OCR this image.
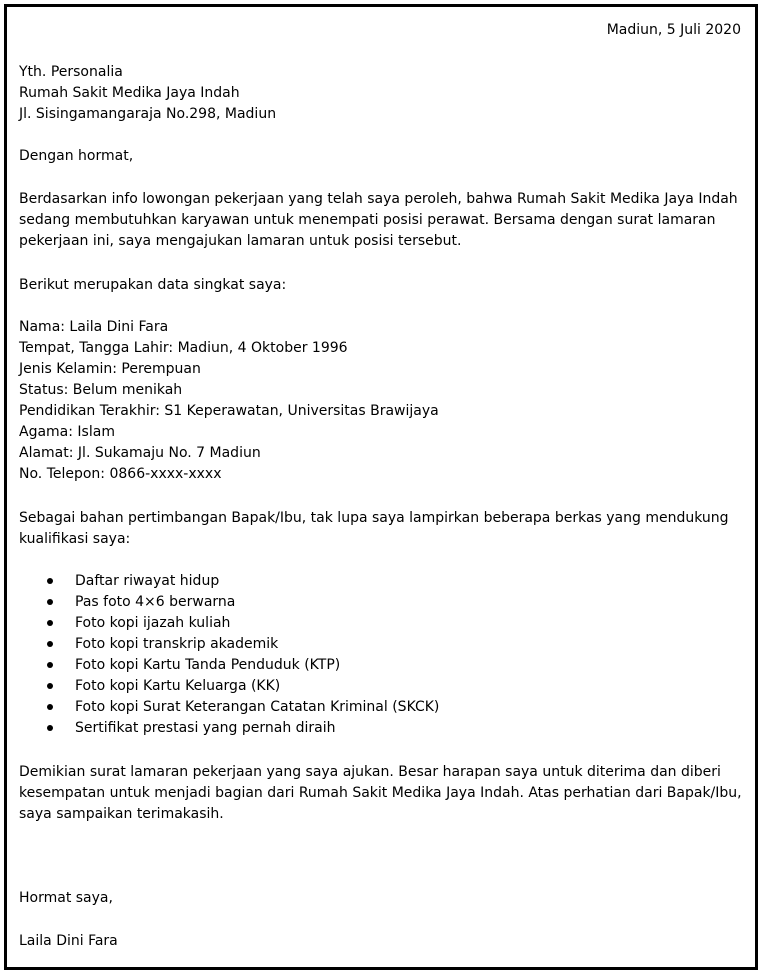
Madiun, 5 Juli 2020
Yth. Personalia
Rumah Sakit Medika Jaya Indah
Jl. Sisingamangaraja No.298, Madiun
Dengan hormat,
Berdasarkan info lowongan pekerjaan yang telah saya peroleh, bahwa Rumah Sakit Medika Jaya Indah
sedang membutuhkan karyawan untuk menempati posisi perawat. Bersama dengan surat lamaran
pekerjaan ini, saya mengajukan lamaran untuk posisi tersebut.
Berikut merupakan data singkat saya:
Nama: Laila Dini Fara
Tempat, Tangga Lahir: Madiun, 4 Oktober 1996
Jenis Kelamin: Perempuan
Status: Belum menikah
Pendidikan Terakhir: S1 Keperawatan, Universitas Brawijaya
Agama: Islam
Alamat: Jl. Sukamaju No. 7 Madiun
No. Telepon: 0866-xxxx-xxxx
Sebagai bahan pertimbangan Bapak/Ibu, tak lupa saya lampirkan beberapa berkas yang mendukung
kualifikasi saya:
Daftar riwayat hidup
Pas foto 4×6 berwarna
Foto kopi ijazah kuliah
Foto kopi transkrip akademik
Foto kopi Kartu Tanda Penduduk (KTP)
Foto kopi Kartu Keluarga (KK)
Foto kopi Surat Keterangan Catatan Kriminal (SKCK)
Sertifikat prestasi yang pernah diraih
Demikian surat lamaran pekerjaan yang saya ajukan. Besar harapan saya untuk diterima dan diberi
kesempatan untuk menjadi bagian dari Rumah Sakit Medika Jaya Indah. Atas perhatian dari Bapak/Ibu,
saya sampaikan terimakasih.
Hormat saya,
Laila Dini Fara
